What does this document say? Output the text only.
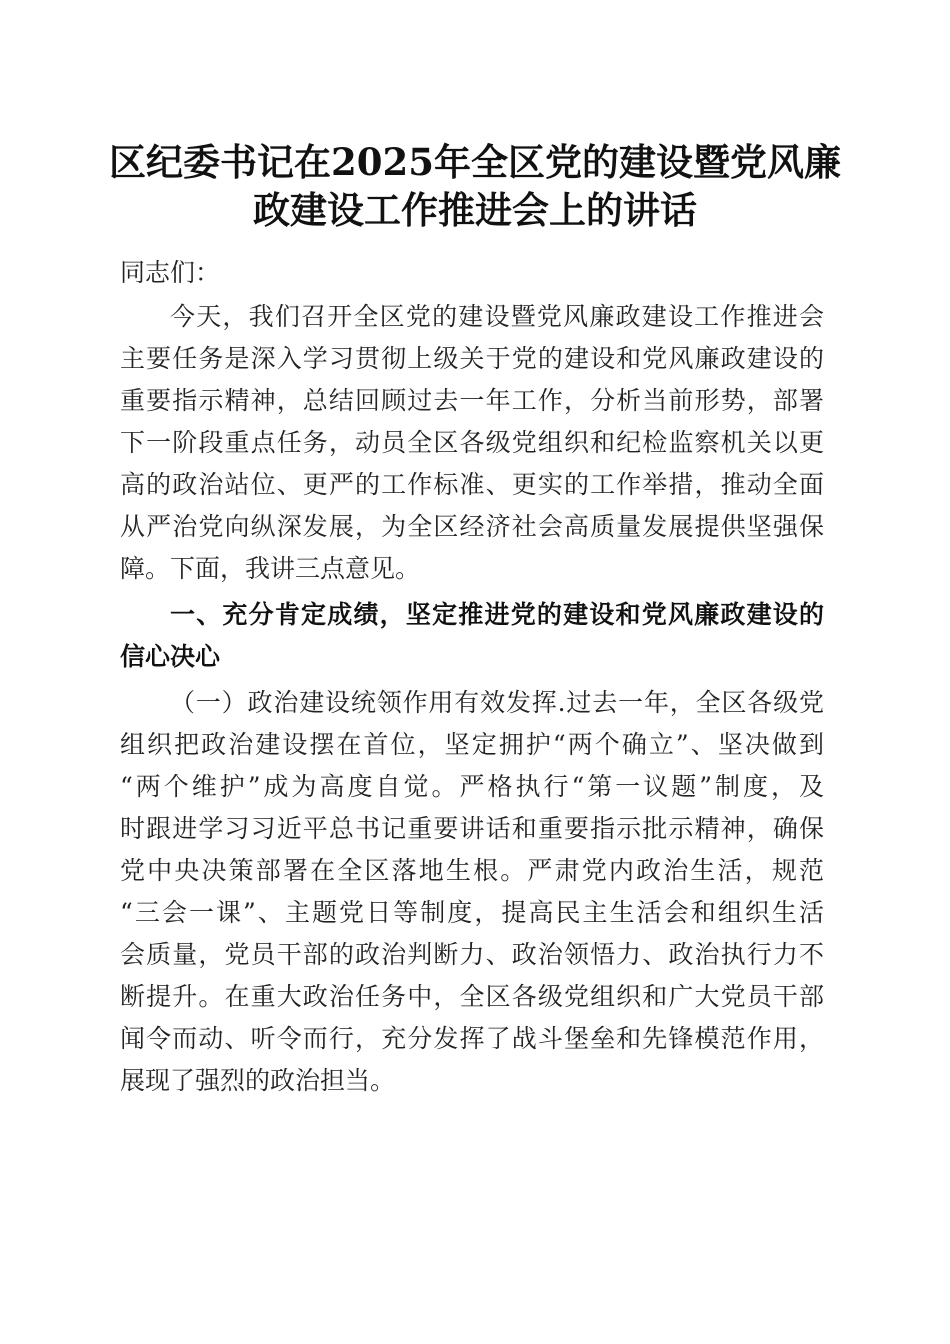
区纪委书记在2025年全区党的建设暨党风廉
政建设工作推进会上的讲话
同志们：
今天，我们召开全区党的建设暨党风廉政建设工作推进会
主要任务是深入学习贯彻上级关于党的建设和党风廉政建设的
重要指示精神，总结回顾过去一年工作，分析当前形势，部署
下一阶段重点任务，动员全区各级党组织和纪检监察机关以更
高的政治站位、更严的工作标准、更实的工作举措，推动全面
从严治党向纵深发展，为全区经济社会高质量发展提供坚强保
障。下面，我讲三点意见。
一、充分肯定成绩，坚定推进党的建设和党风廉政建设的
信心决心
（一）政治建设统领作用有效发挥.过去一年，全区各级党
组织把政治建设摆在首位，坚定拥护“两个确立”、坚决做到
“两个维护”成为高度自觉。严格执行“第一议题”制度，及
时跟进学习习近平总书记重要讲话和重要指示批示精神，确保
党中央决策部署在全区落地生根。严肃党内政治生活，规范
“三会一课”、主题党日等制度，提高民主生活会和组织生活
会质量，党员干部的政治判断力、政治领悟力、政治执行力不
断提升。在重大政治任务中，全区各级党组织和广大党员干部
闻令而动、听令而行，充分发挥了战斗堡垒和先锋模范作用，
展现了强烈的政治担当。
